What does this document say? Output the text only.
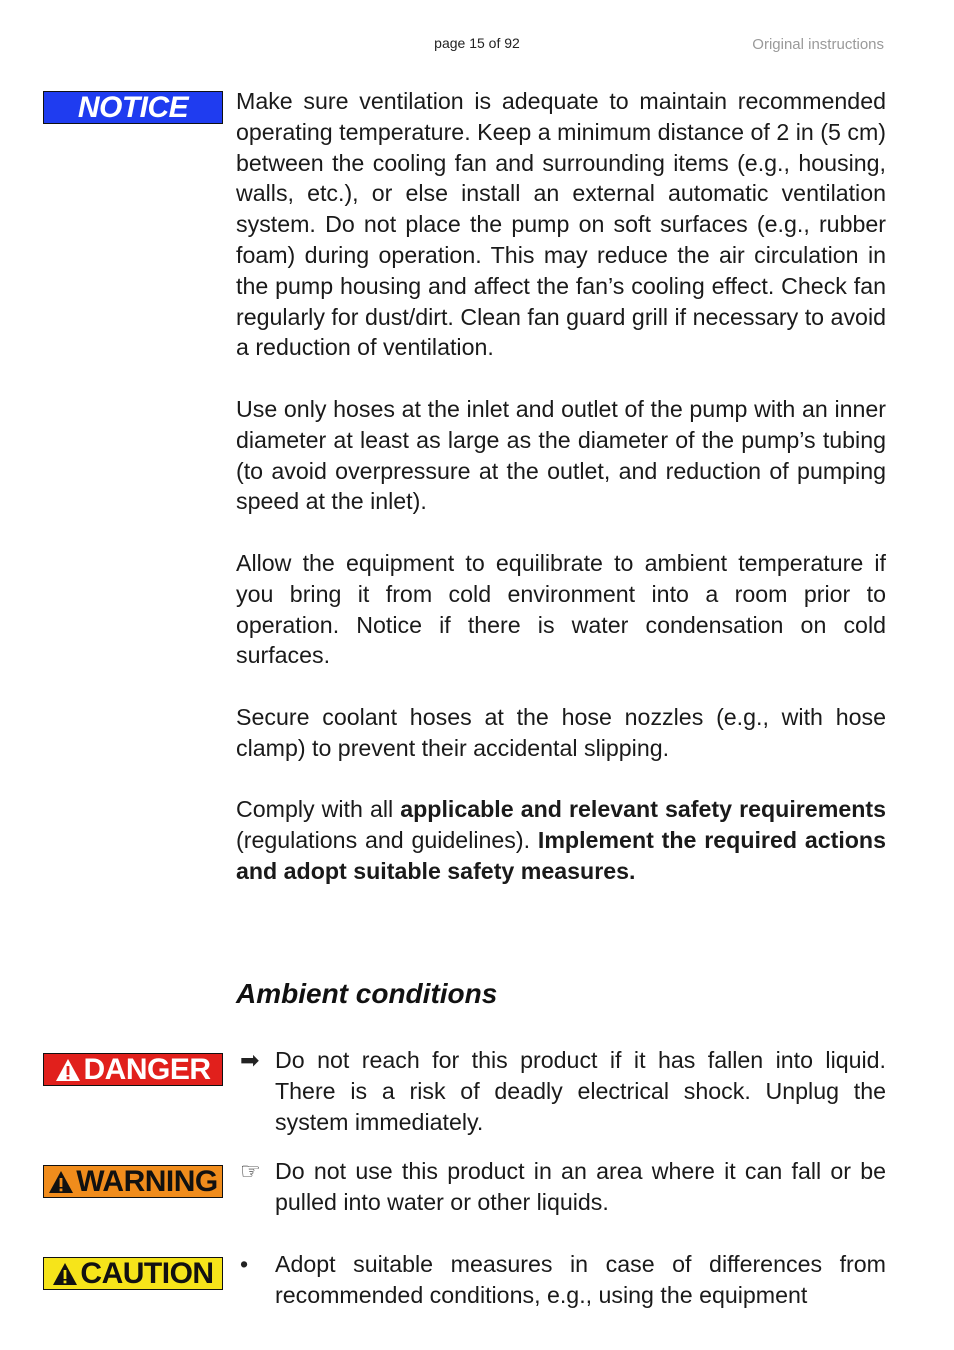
page 15 of 92	Original instructions
NOTICE Make sure ventilation is adequate to maintain recommended operating temperature. Keep a minimum distance of 2 in (5 cm) between the cooling fan and surrounding items (e.g., housing, walls, etc.), or else install an external automatic ventilation system. Do not place the pump on soft surfaces (e.g., rubber foam) during operation. This may reduce the air circulation in the pump housing and affect the fan’s cooling effect. Check fan regularly for dust/dirt. Clean fan guard grill if necessary to avoid a reduction of ventilation.

Use only hoses at the inlet and outlet of the pump with an inner diameter at least as large as the diameter of the pump’s tubing (to avoid overpressure at the outlet, and reduction of pumping speed at the inlet).

Allow the equipment to equilibrate to ambient temperature if you bring it from cold environment into a room prior to operation. Notice if there is water condensation on cold surfaces.

Secure coolant hoses at the hose nozzles (e.g., with hose clamp) to prevent their accidental slipping.

Comply with all applicable and relevant safety requirements (regulations and guidelines). Implement the required actions and adopt suitable safety measures.

Ambient conditions
DANGER ➡ Do not reach for this product if it has fallen into liquid. There is a risk of deadly electrical shock. Unplug the system immediately.
WARNING ☞ Do not use this product in an area where it can fall or be pulled into water or other liquids.
CAUTION •	Adopt suitable measures in case of differences from recommended conditions, e.g., using the equipment
